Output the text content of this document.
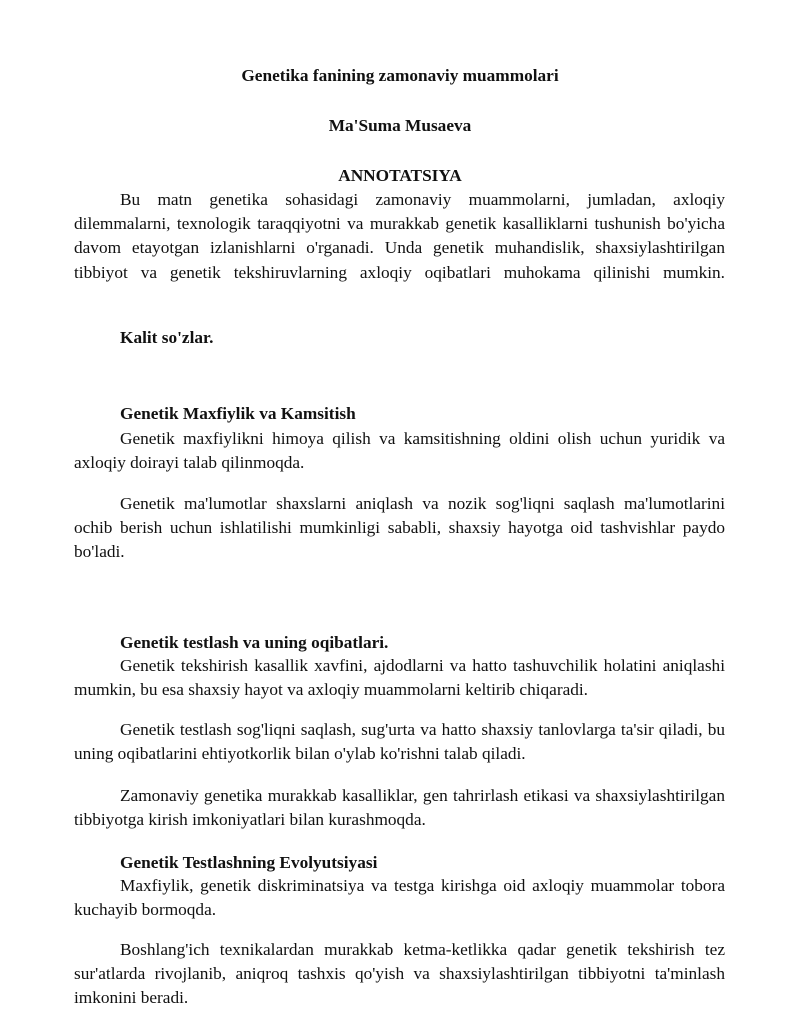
Genetika fanining zamonaviy muammolari
Ma'Suma Musaeva
ANNOTATSIYA
Bu matn genetika sohasidagi zamonaviy muammolarni, jumladan, axloqiy dilemmalarni, texnologik taraqqiyotni va murakkab genetik kasalliklarni tushunish bo'yicha davom etayotgan izlanishlarni o'rganadi. Unda genetik muhandislik, shaxsiylashtirilgan tibbiyot va genetik tekshiruvlarning axloqiy oqibatlari muhokama qilinishi mumkin.
Kalit so'zlar.
Genetik Maxfiylik va Kamsitish
Genetik maxfiylikni himoya qilish va kamsitishning oldini olish uchun yuridik va axloqiy doirayi talab qilinmoqda.
Genetik ma'lumotlar shaxslarni aniqlash va nozik sog'liqni saqlash ma'lumotlarini ochib berish uchun ishlatilishi mumkinligi sababli, shaxsiy hayotga oid tashvishlar paydo bo'ladi.
Genetik testlash va uning oqibatlari.
Genetik tekshirish kasallik xavfini, ajdodlarni va hatto tashuvchilik holatini aniqlashi mumkin, bu esa shaxsiy hayot va axloqiy muammolarni keltirib chiqaradi.
Genetik testlash sog'liqni saqlash, sug'urta va hatto shaxsiy tanlovlarga ta'sir qiladi, bu uning oqibatlarini ehtiyotkorlik bilan o'ylab ko'rishni talab qiladi.
Zamonaviy genetika murakkab kasalliklar, gen tahrirlash etikasi va shaxsiylashtirilgan tibbiyotga kirish imkoniyatlari bilan kurashmoqda.
Genetik Testlashning Evolyutsiyasi
Maxfiylik, genetik diskriminatsiya va testga kirishga oid axloqiy muammolar tobora kuchayib bormoqda.
Boshlang'ich texnikalardan murakkab ketma-ketlikka qadar genetik tekshirish tez sur'atlarda rivojlanib, aniqroq tashxis qo'yish va shaxsiylashtirilgan tibbiyotni ta'minlash imkonini beradi.
